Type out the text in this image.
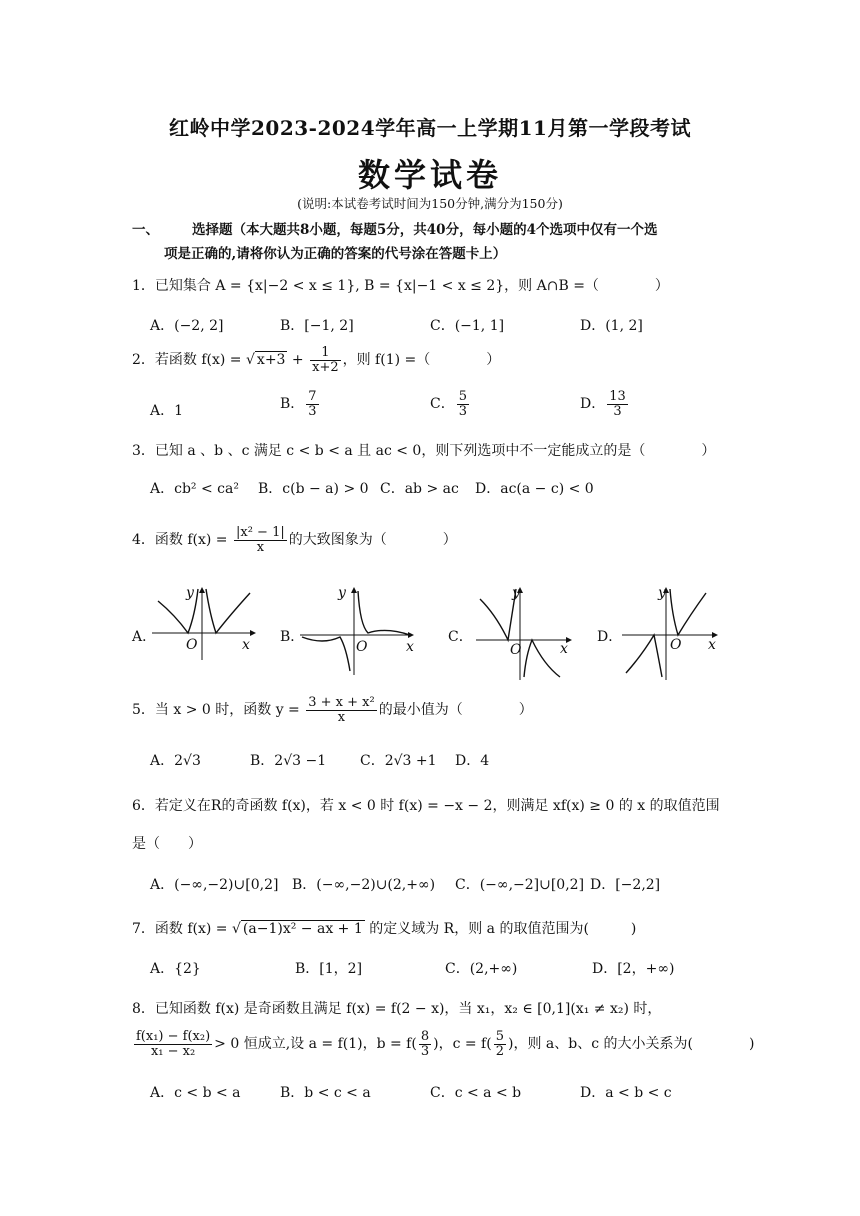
红岭中学2023-2024学年高一上学期11月第一学段考试
数学试卷
(说明:本试卷考试时间为150分钟,满分为150分)
一、 选择题（本大题共8小题，每题5分，共40分，每小题的4个选项中仅有一个选
项是正确的,请将你认为正确的答案的代号涂在答题卡上）
1．已知集合 A = {x|−2 < x ≤ 1}, B = {x|−1 < x ≤ 2}，则 A∩B =（　　　　）
A．(−2, 2]	B．[−1, 2]	C．(−1, 1]	D．(1, 2]
2．若函数 f(x) = √ $x+3 + \frac{1}{x+2}$ ，则 f(1) =（　　　　）
A．1	B． $\frac{7}{3}$	C． $\frac{5}{3}$	D． $\frac{13}{3}$
3．已知 a 、b 、c 满足 c < b < a 且 ac < 0，则下列选项中不一定能成立的是（　　　　）
A．cb² < ca² B．c(b − a) > 0 C．ab > ac D．ac(a − c) < 0
4．函数 $f(x) = \frac{\text{|x² − 1|}}{x}$ 的大致图象为（　　　　）
A．
y
O	x B．
y
O	x
C．
y
O	x
D．
y
O x
5．当 x > 0 时，函数 $y = \frac{\text{3 + x + x²}}{x}$ 的最小值为（　　　　）
A．2√3	B．2√3 −1 C．2√3 +1 D．4
6．若定义在R的奇函数 f(x)，若 x < 0 时 f(x) = −x − 2，则满足 xf(x) ≥ 0 的 x 的取值范围
是（　　）
A．(−∞,−2)∪[0,2] B．(−∞,−2)∪(2,+∞) C．(−∞,−2]∪[0,2] D．[−2,2]
7．函数 f(x) = √ (a−1)x² − ax + 1 的定义域为 R，则 a 的取值范围为(　　　)
A．{2}	B．[1，2]	C．(2,+∞)	D．[2，+∞)
8．已知函数 f(x) 是奇函数且满足 f(x) = f(2 − x)，当 x₁，x₂ ∈ [0,1](x₁ ≠ x₂) 时，
$\frac{\text{f(x₁) − f(x₂)}}{\text{x₁ − x₂}} > 0$ 恒成立,设 a = f(1)，$b = f( \frac{8}{3}$ )，$c = f( \frac{5}{2}$ )，则 a、b、c 的大小关系为(　　　　)
A．c < b < a	B．b < c < a	C．c < a < b	D．a < b < c
